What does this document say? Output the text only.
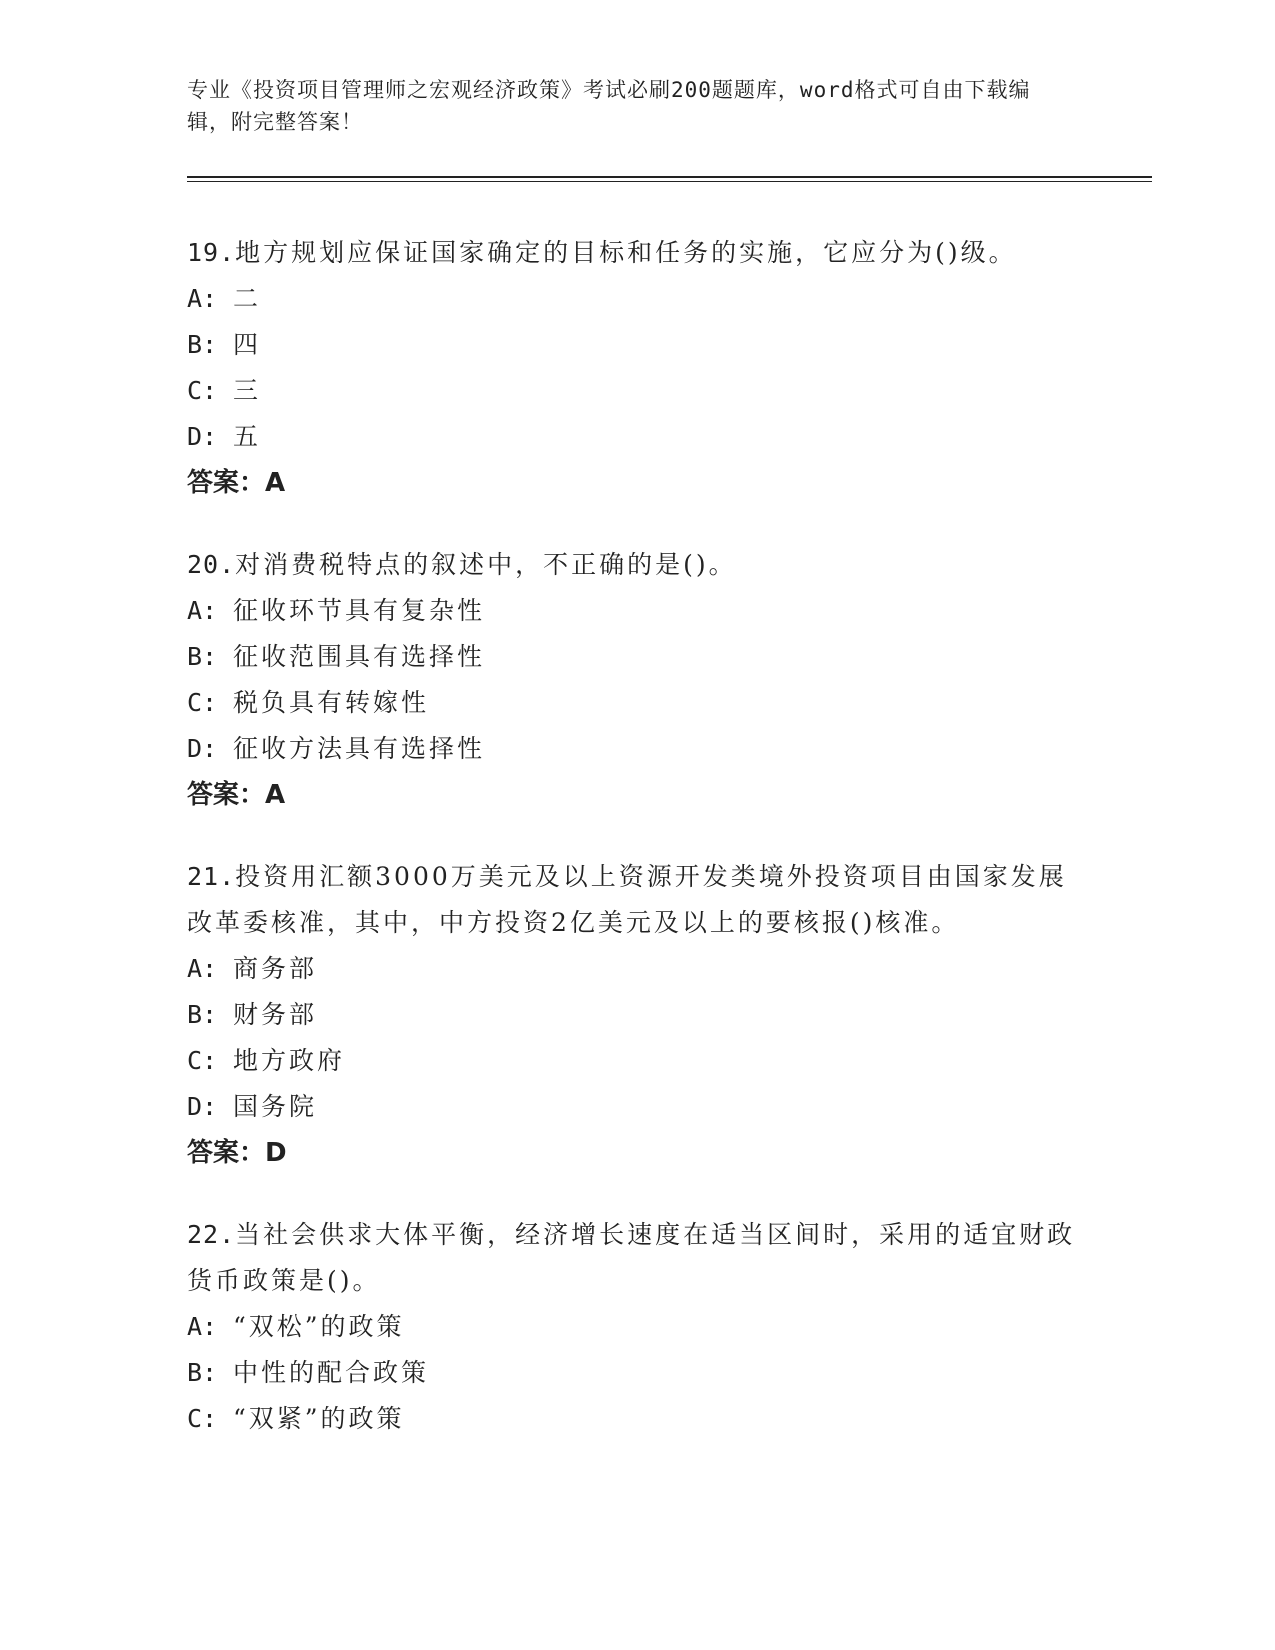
专业《投资项目管理师之宏观经济政策》考试必刷200题题库，word格式可自由下载编辑，附完整答案！
19.地方规划应保证国家确定的目标和任务的实施，它应分为()级。
A: 二
B: 四
C: 三
D: 五
答案：A
20.对消费税特点的叙述中，不正确的是()。
A: 征收环节具有复杂性
B: 征收范围具有选择性
C: 税负具有转嫁性
D: 征收方法具有选择性
答案：A
21.投资用汇额3000万美元及以上资源开发类境外投资项目由国家发展改革委核准，其中，中方投资2亿美元及以上的要核报()核准。
A: 商务部
B: 财务部
C: 地方政府
D: 国务院
答案：D
22.当社会供求大体平衡，经济增长速度在适当区间时，采用的适宜财政货币政策是()。
A: “双松”的政策
B: 中性的配合政策
C: “双紧”的政策
